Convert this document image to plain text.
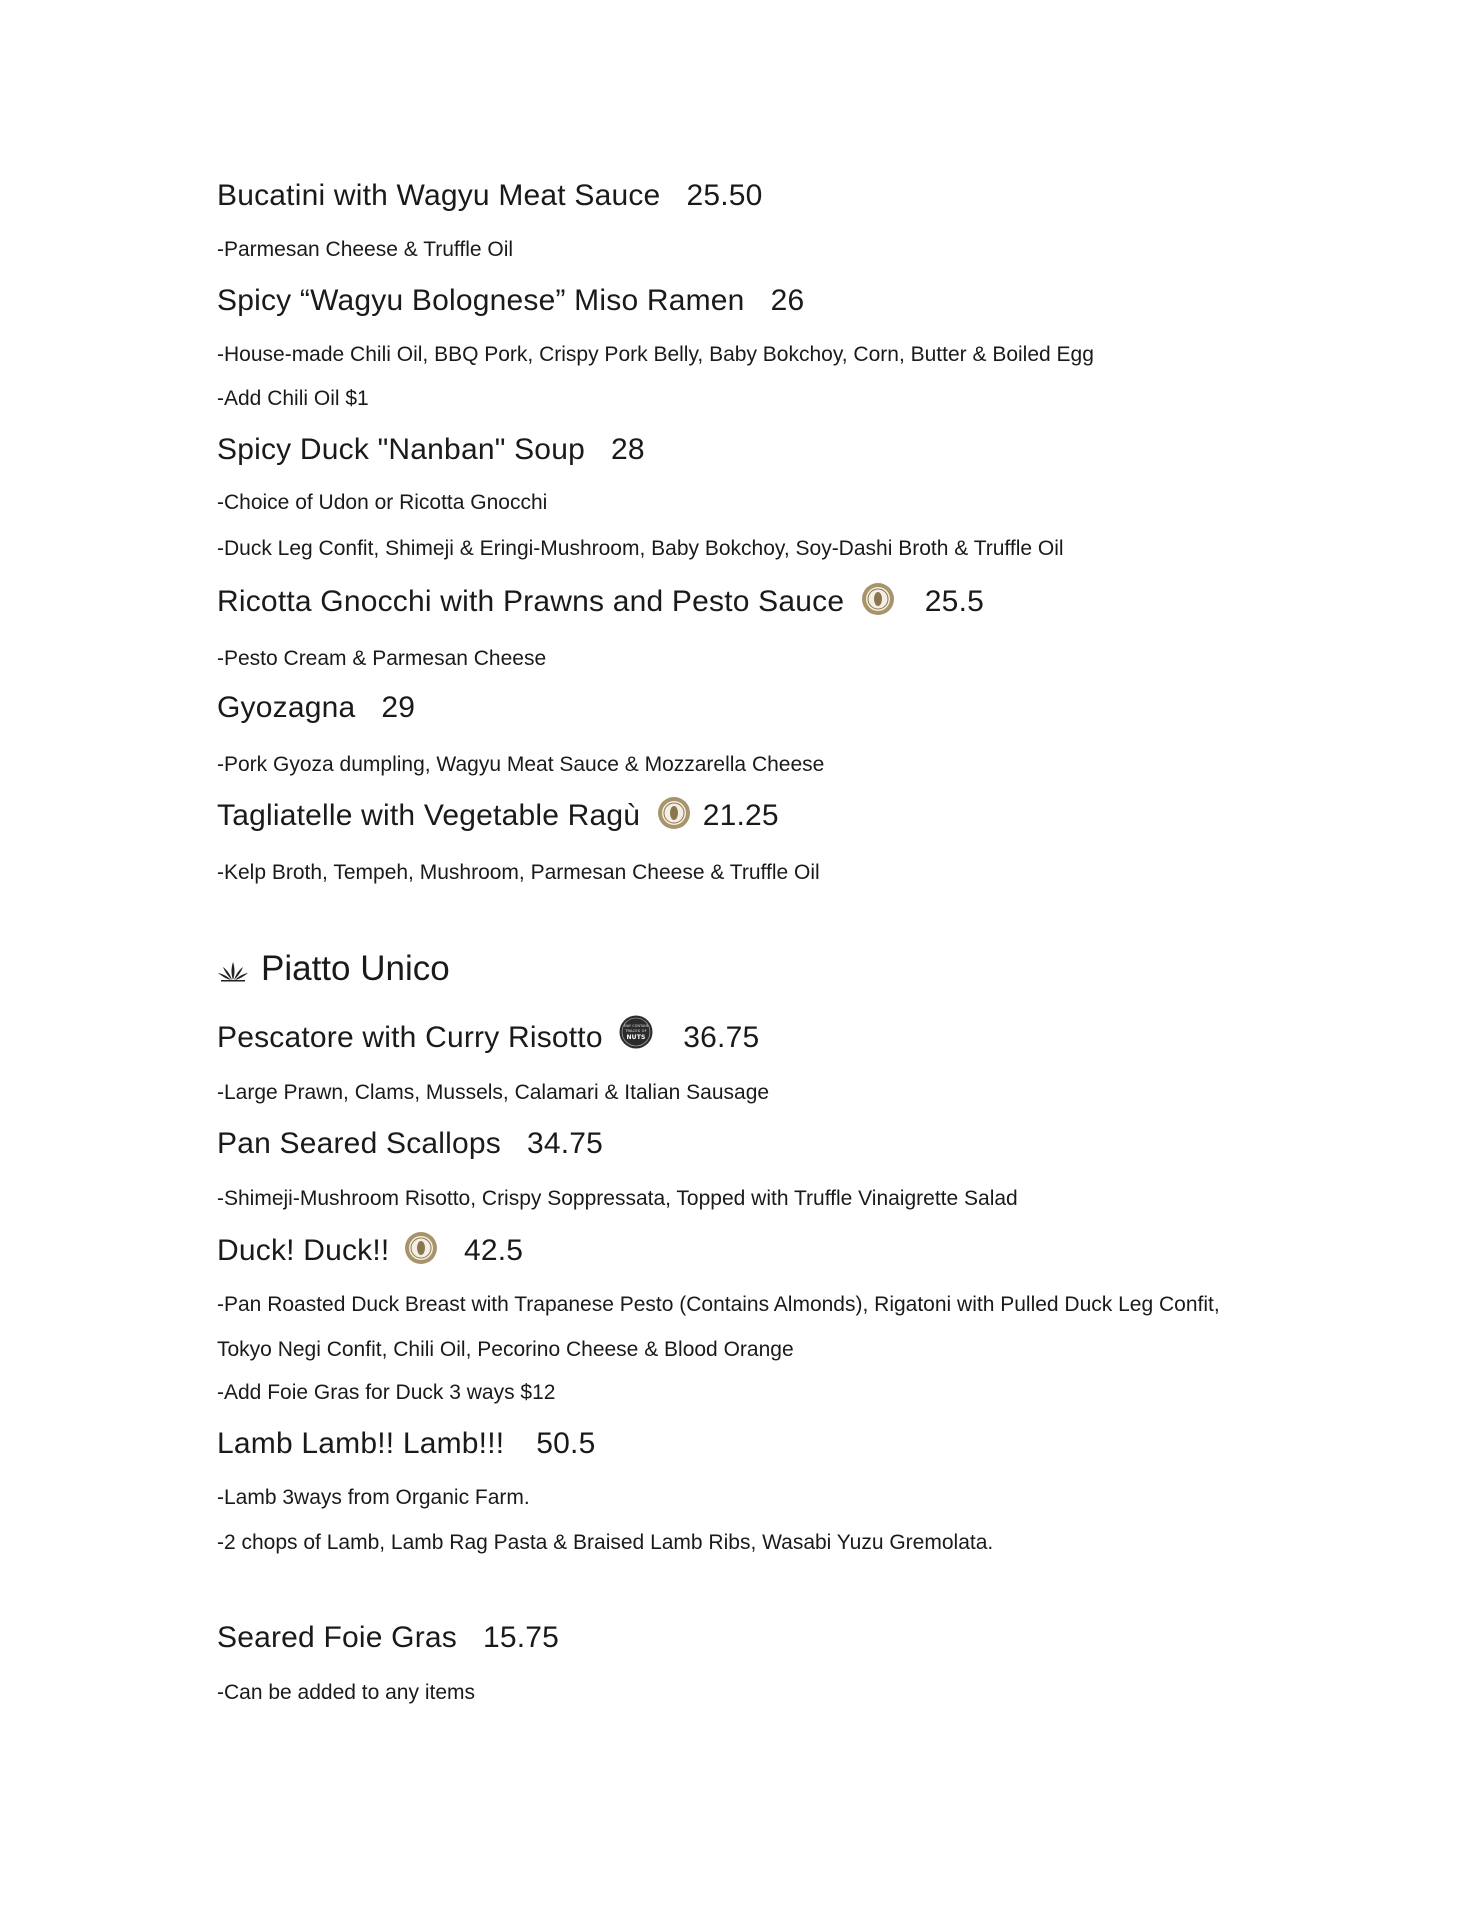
Bucatini with Wagyu Meat Sauce 25.50
-Parmesan Cheese & Truffle Oil
Spicy “Wagyu Bolognese” Miso Ramen 26
-House-made Chili Oil, BBQ Pork, Crispy Pork Belly, Baby Bokchoy, Corn, Butter & Boiled Egg
-Add Chili Oil $1
Spicy Duck "Nanban" Soup 28
-Choice of Udon or Ricotta Gnocchi
-Duck Leg Confit, Shimeji & Eringi-Mushroom, Baby Bokchoy, Soy-Dashi Broth & Truffle Oil
Ricotta Gnocchi with Prawns and Pesto Sauce	25.5
-Pesto Cream & Parmesan Cheese
Gyozagna 29
-Pork Gyoza dumpling, Wagyu Meat Sauce & Mozzarella Cheese
Tagliatelle with Vegetable Ragù 21.25
-Kelp Broth, Tempeh, Mushroom, Parmesan Cheese & Truffle Oil
Piatto Unico
Pescatore with Curry Risotto	MAY CONTAIN
TRACES OF
NUTS 36.75
-Large Prawn, Clams, Mussels, Calamari & Italian Sausage
Pan Seared Scallops 34.75
-Shimeji-Mushroom Risotto, Crispy Soppressata, Topped with Truffle Vinaigrette Salad
Duck! Duck!! 42.5
-Pan Roasted Duck Breast with Trapanese Pesto (Contains Almonds), Rigatoni with Pulled Duck Leg Confit,
Tokyo Negi Confit, Chili Oil, Pecorino Cheese & Blood Orange
-Add Foie Gras for Duck 3 ways $12
Lamb Lamb!! Lamb!!! 50.5
-Lamb 3ways from Organic Farm.
-2 chops of Lamb, Lamb Rag Pasta & Braised Lamb Ribs, Wasabi Yuzu Gremolata.
Seared Foie Gras 15.75
-Can be added to any items
